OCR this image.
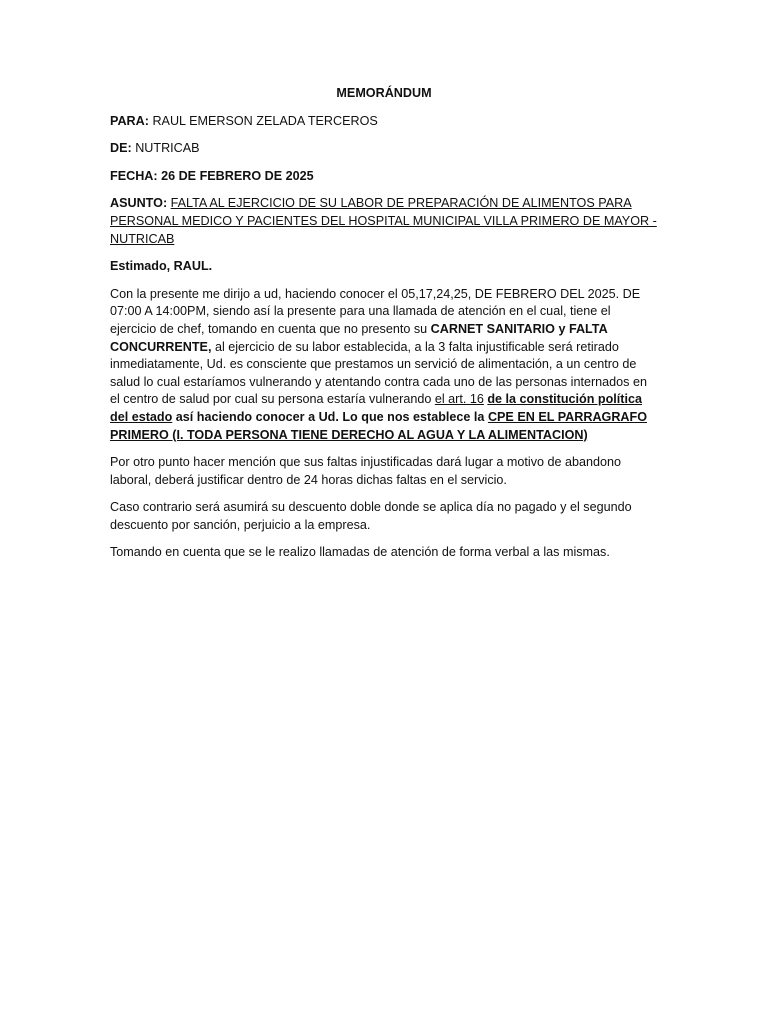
MEMORÁNDUM

PARA: RAUL EMERSON ZELADA TERCEROS

DE: NUTRICAB

FECHA: 26 DE FEBRERO DE 2025

ASUNTO: FALTA AL EJERCICIO DE SU LABOR DE PREPARACIÓN DE ALIMENTOS PARA PERSONAL MEDICO Y PACIENTES DEL HOSPITAL MUNICIPAL VILLA PRIMERO DE MAYOR - NUTRICAB

Estimado, RAUL.

Con la presente me dirijo a ud, haciendo conocer el 05,17,24,25, DE FEBRERO DEL 2025. DE 07:00 A 14:00PM, siendo así la presente para una llamada de atención en el cual, tiene el ejercicio de chef, tomando en cuenta que no presento su CARNET SANITARIO y FALTA CONCURRENTE, al ejercicio de su labor establecida, a la 3 falta injustificable será retirado inmediatamente, Ud. es consciente que prestamos un servició de alimentación, a un centro de salud lo cual estaríamos vulnerando y atentando contra cada uno de las personas internados en el centro de salud por cual su persona estaría vulnerando el art. 16 de la constitución política del estado así haciendo conocer a Ud. Lo que nos establece la CPE EN EL PARRAGRAFO PRIMERO (I. TODA PERSONA TIENE DERECHO AL AGUA Y LA ALIMENTACION)

Por otro punto hacer mención que sus faltas injustificadas dará lugar a motivo de abandono laboral, deberá justificar dentro de 24 horas dichas faltas en el servicio.

Caso contrario será asumirá su descuento doble donde se aplica día no pagado y el segundo descuento por sanción, perjuicio a la empresa.

Tomando en cuenta que se le realizo llamadas de atención de forma verbal a las mismas.
